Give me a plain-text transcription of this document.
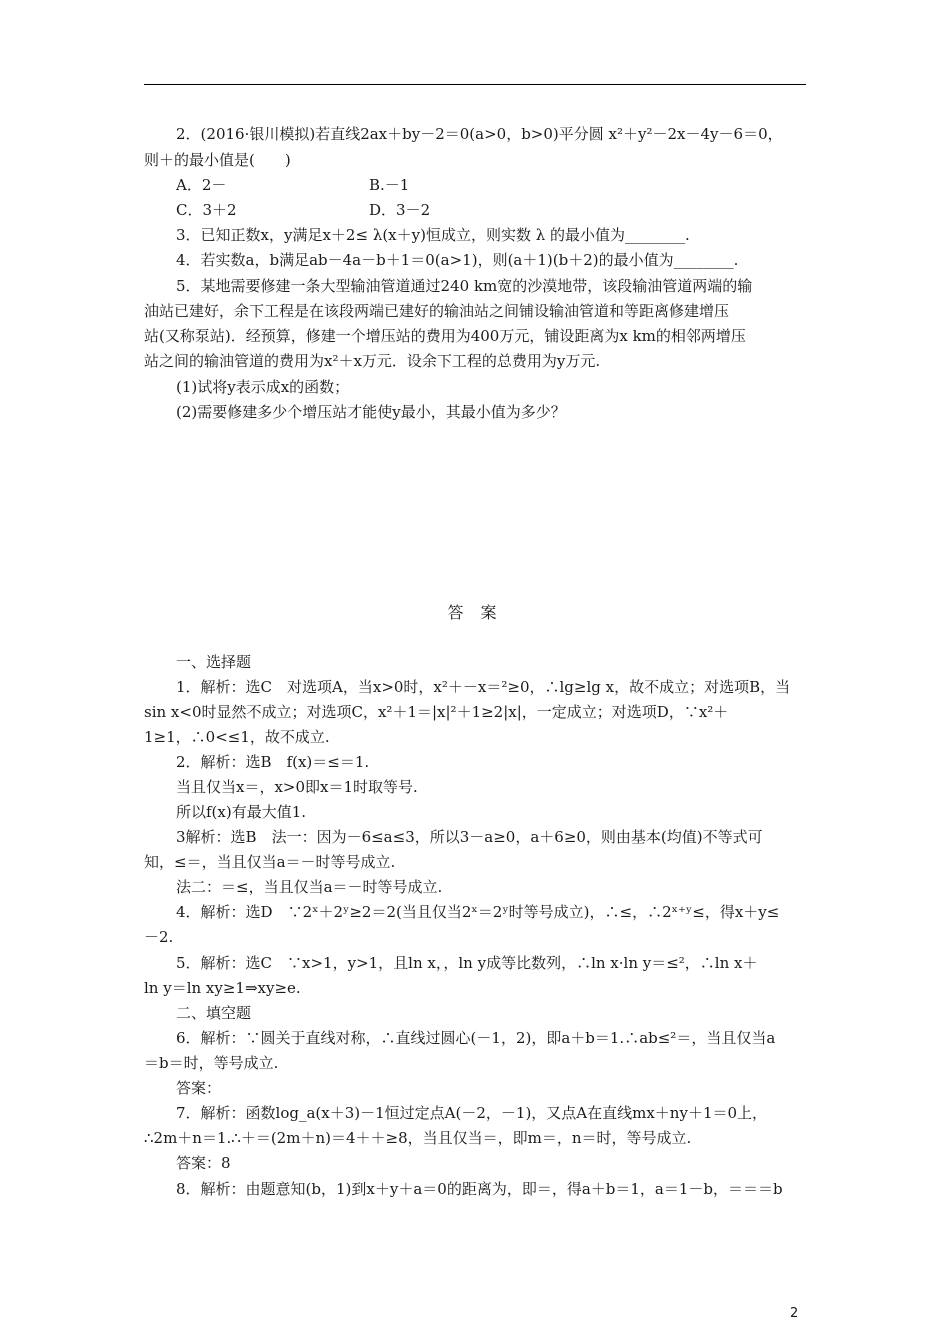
2．(2016·银川模拟)若直线2ax＋by－2＝0(a>0，b>0)平分圆 x²＋y²－2x－4y－6＝0，
则＋的最小值是(　　)
A．2－	B.－1
C．3＋2	D．3－2
3．已知正数x，y满足x＋2≤ λ(x＋y)恒成立，则实数 λ 的最小值为________.
4．若实数a，b满足ab－4a－b＋1＝0(a>1)，则(a＋1)(b＋2)的最小值为________.
5．某地需要修建一条大型输油管道通过240 km宽的沙漠地带，该段输油管道两端的输
油站已建好，余下工程是在该段两端已建好的输油站之间铺设输油管道和等距离修建增压
站(又称泵站)．经预算，修建一个增压站的费用为400万元，铺设距离为x km的相邻两增压
站之间的输油管道的费用为x²＋x万元．设余下工程的总费用为y万元.
(1)试将y表示成x的函数；
(2)需要修建多少个增压站才能使y最小，其最小值为多少？
答 案
一、选择题
1．解析：选C　对选项A，当x>0时，x²＋－x＝²≥0，∴lg≥lg x，故不成立；对选项B，当
sin x<0时显然不成立；对选项C，x²＋1＝|x|²＋1≥2|x|，一定成立；对选项D，∵x²＋
1≥1，∴0<≤1，故不成立.
2．解析：选B　f(x)＝≤＝1.
当且仅当x＝，x>0即x＝1时取等号.
所以f(x)有最大值1.
3解析：选B　法一：因为－6≤a≤3，所以3－a≥0，a＋6≥0，则由基本(均值)不等式可
知，≤＝，当且仅当a＝－时等号成立.
法二：＝≤，当且仅当a＝－时等号成立.
4．解析：选D　∵2ˣ＋2ʸ≥2＝2(当且仅当2ˣ＝2ʸ时等号成立)，∴≤，∴2ˣ⁺ʸ≤，得x＋y≤
－2.
5．解析：选C　∵x>1，y>1，且ln x，，ln y成等比数列，∴ln x·ln y＝≤²，∴ln x＋
ln y＝ln xy≥1⇒xy≥e.
二、填空题
6．解析：∵圆关于直线对称，∴直线过圆心(－1，2)，即a＋b＝1.∴ab≤²＝，当且仅当a
＝b＝时，等号成立.
答案：
7．解析：函数log_a(x＋3)－1恒过定点A(－2，－1)，又点A在直线mx＋ny＋1＝0上，
∴2m＋n＝1.∴＋＝(2m＋n)＝4＋＋≥8，当且仅当＝，即m＝，n＝时，等号成立.
答案：8
8．解析：由题意知(b，1)到x＋y＋a＝0的距离为，即＝，得a＋b＝1，a＝1－b，＝＝＝b
2
